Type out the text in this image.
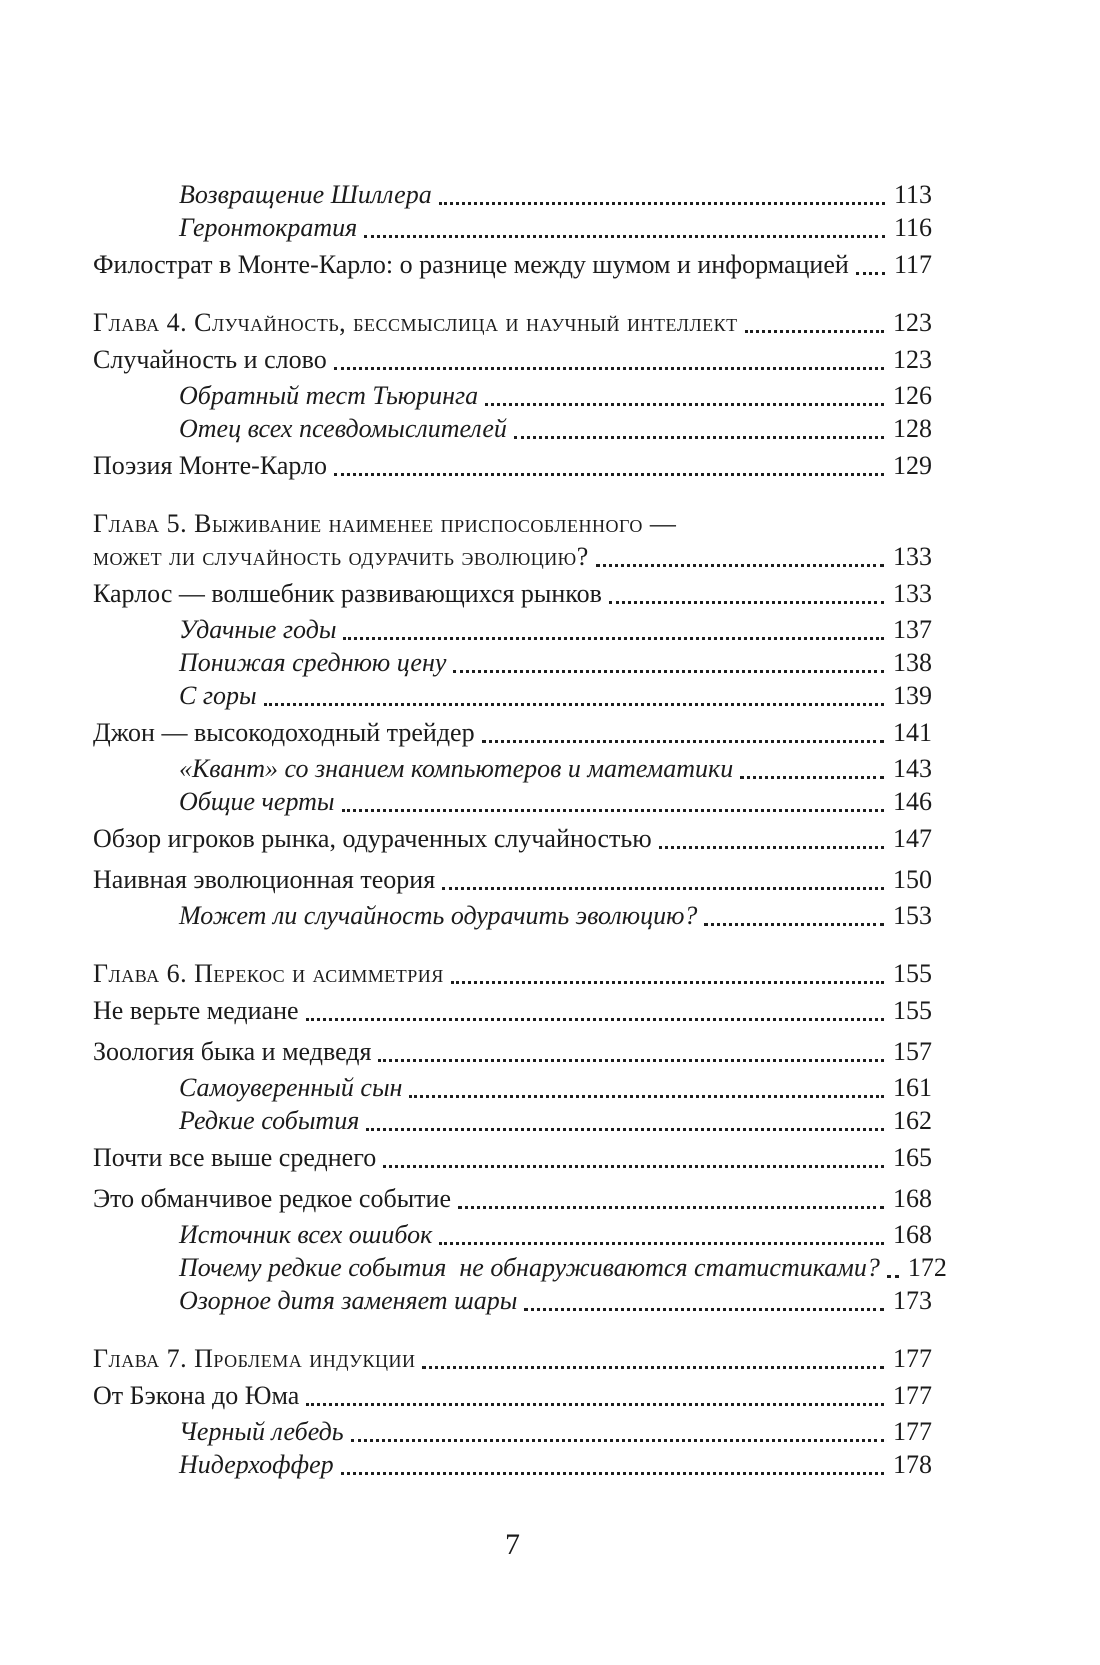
Возвращение Шиллера	113
Геронтократия	116
Филострат в Монте-Карло: о разнице между шумом и информацией 117
Глава 4. Случайность, бессмыслица и научный интеллект	123
Случайность и слово	123
Обратный тест Тьюринга	126
Отец всех псевдомыслителей	128
Поэзия Монте-Карло	129
Глава 5. Выживание наименее приспособленного —
может ли случайность одурачить эволюцию?	133
Карлос — волшебник развивающихся рынков	133
Удачные годы	137
Понижая среднюю цену	138
С горы	139
Джон — высокодоходный трейдер	141
«Квант» со знанием компьютеров и математики	143
Общие черты	146
Обзор игроков рынка, одураченных случайностью	147
Наивная эволюционная теория	150
Может ли случайность одурачить эволюцию?	153
Глава 6. Перекос и асимметрия	155
Не верьте медиане	155
Зоология быка и медведя	157
Самоуверенный сын	161
Редкие события	162
Почти все выше среднего	165
Это обманчивое редкое событие	168
Источник всех ошибок	168
Почему редкие события  не обнаруживаются статистиками? 172
Озорное дитя заменяет шары	173
Глава 7. Проблема индукции	177
От Бэкона до Юма	177
Черный лебедь	177
Нидерхоффер	178
7
